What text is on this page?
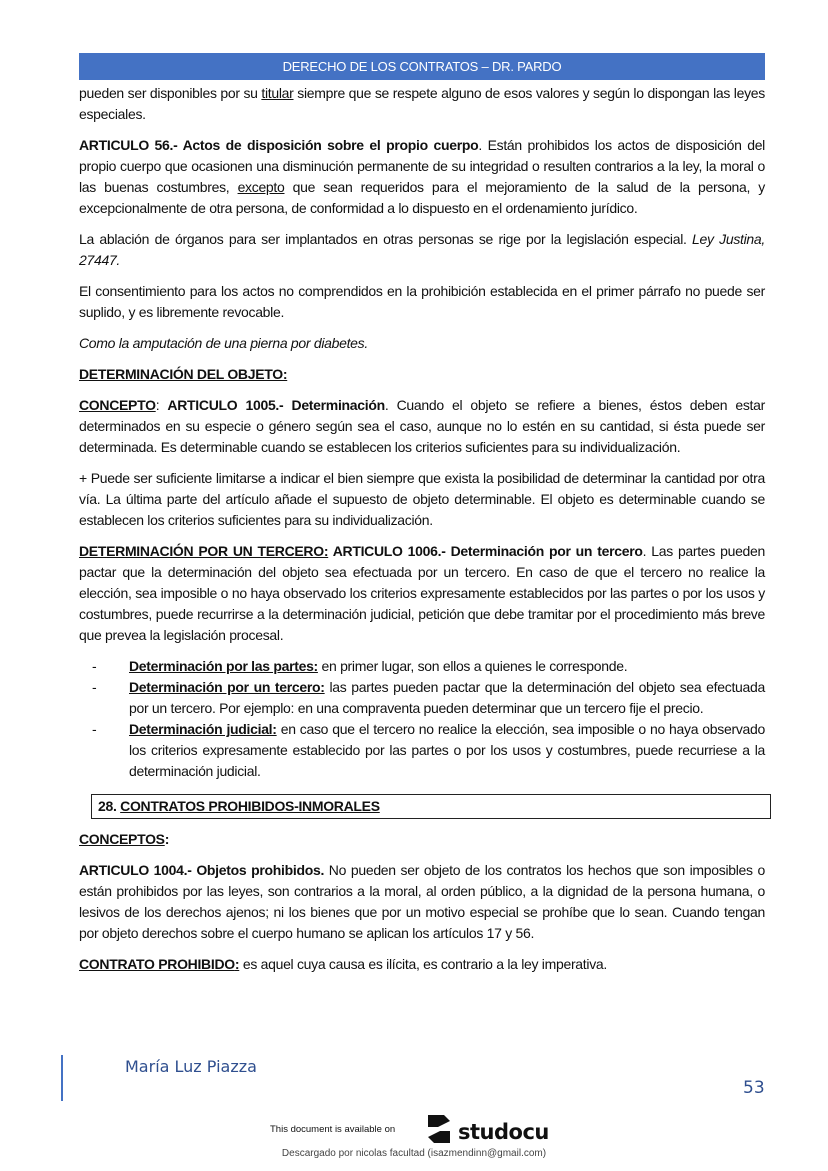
DERECHO DE LOS CONTRATOS – DR. PARDO

pueden ser disponibles por su titular siempre que se respete alguno de esos valores y según lo dispongan las leyes especiales.

ARTICULO 56.- Actos de disposición sobre el propio cuerpo. Están prohibidos los actos de disposición del propio cuerpo que ocasionen una disminución permanente de su integridad o resulten contrarios a la ley, la moral o las buenas costumbres, excepto que sean requeridos para el mejoramiento de la salud de la persona, y excepcionalmente de otra persona, de conformidad a lo dispuesto en el ordenamiento jurídico.

La ablación de órganos para ser implantados en otras personas se rige por la legislación especial. Ley Justina, 27447.

El consentimiento para los actos no comprendidos en la prohibición establecida en el primer párrafo no puede ser suplido, y es libremente revocable.

Como la amputación de una pierna por diabetes.

DETERMINACIÓN DEL OBJETO:

CONCEPTO: ARTICULO 1005.- Determinación. Cuando el objeto se refiere a bienes, éstos deben estar determinados en su especie o género según sea el caso, aunque no lo estén en su cantidad, si ésta puede ser determinada. Es determinable cuando se establecen los criterios suficientes para su individualización.

+ Puede ser suficiente limitarse a indicar el bien siempre que exista la posibilidad de determinar la cantidad por otra vía. La última parte del artículo añade el supuesto de objeto determinable. El objeto es determinable cuando se establecen los criterios suficientes para su individualización.

DETERMINACIÓN POR UN TERCERO: ARTICULO 1006.- Determinación por un tercero. Las partes pueden pactar que la determinación del objeto sea efectuada por un tercero. En caso de que el tercero no realice la elección, sea imposible o no haya observado los criterios expresamente establecidos por las partes o por los usos y costumbres, puede recurrirse a la determinación judicial, petición que debe tramitar por el procedimiento más breve que prevea la legislación procesal.

- Determinación por las partes: en primer lugar, son ellos a quienes le corresponde.
- Determinación por un tercero: las partes pueden pactar que la determinación del objeto sea efectuada por un tercero. Por ejemplo: en una compraventa pueden determinar que un tercero fije el precio.
- Determinación judicial: en caso que el tercero no realice la elección, sea imposible o no haya observado los criterios expresamente establecido por las partes o por los usos y costumbres, puede recurriese a la determinación judicial.
28. CONTRATOS PROHIBIDOS-INMORALES

CONCEPTOS:

ARTICULO 1004.- Objetos prohibidos. No pueden ser objeto de los contratos los hechos que son imposibles o están prohibidos por las leyes, son contrarios a la moral, al orden público, a la dignidad de la persona humana, o lesivos de los derechos ajenos; ni los bienes que por un motivo especial se prohíbe que lo sean. Cuando tengan por objeto derechos sobre el cuerpo humano se aplican los artículos 17 y 56.

CONTRATO PROHIBIDO: es aquel cuya causa es ilícita, es contrario a la ley imperativa.

María Luz Piazza
53
This document is available on	studocu
Descargado por nicolas facultad (isazmendinn@gmail.com)
